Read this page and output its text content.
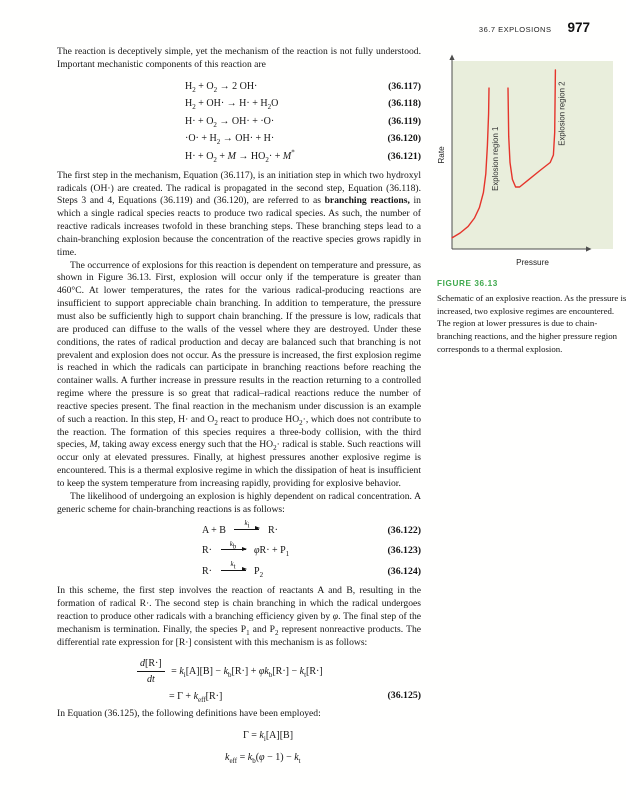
36.7 EXPLOSIONS 977

The reaction is deceptively simple, yet the mechanism of the reaction is not fully understood. Important mechanistic components of this reaction are

$H_2 + O_2 \to 2$ OH·	(36.117)
$H_2 + OH\cdot \to H\cdot + H_2O$	(36.118)
$H\cdot + O_2 \to OH\cdot + \cdot O\cdot$	(36.119)
$\cdot O\cdot + H_2 \to OH\cdot + H\cdot$	(36.120)
$H\cdot + O_2 + M \to HO_2\cdot + M^*$	(36.121)

The first step in the mechanism, Equation (36.117), is an initiation step in which two hydroxyl radicals (OH·) are created. The radical is propagated in the second step, Equation (36.118). Steps 3 and 4, Equations (36.119) and (36.120), are referred to as branching reactions, in which a single radical species reacts to produce two radical species. As such, the number of reactive radicals increases twofold in these branching steps. These branching steps lead to a chain-branching explosion because the concentration of the reactive species grows rapidly in time.

The occurrence of explosions for this reaction is dependent on temperature and pressure, as shown in Figure 36.13. First, explosion will occur only if the temperature is greater than 460°C. At lower temperatures, the rates for the various radical-producing reactions are insufficient to support appreciable chain branching. In addition to temperature, the pressure must also be sufficiently high to support chain branching. If the pressure is low, radicals that are produced can diffuse to the walls of the vessel where they are destroyed. Under these conditions, the rates of radical production and decay are balanced such that branching is not prevalent and explosion does not occur. As the pressure is increased, the first explosion regime is reached in which the radicals can participate in branching reactions before reaching the container walls. A further increase in pressure results in the reaction returning to a controlled regime where the pressure is so great that radical–radical reactions reduce the number of reactive species present. The final reaction in the mechanism under discussion is an example of such a reaction. In this step, H· and $O_2$ react to produce $HO_2\cdot$, which does not contribute to the reaction. The formation of this species requires a three-body collision, with the third species, M, taking away excess energy such that the $HO_2\cdot$ radical is stable. Such reactions will occur only at elevated pressures. Finally, at highest pressures another explosive regime is encountered. This is a thermal explosive regime in which the dissipation of heat is insufficient to keep the system temperature from increasing rapidly, providing for explosive behavior.

The likelihood of undergoing an explosion is highly dependent on radical concentration. A generic scheme for chain-branching reactions is as follows:

A + B
$k_i$ R·	(36.122)
R·
$k_b$ $\varphi R\cdot + P_1$	(36.123)
R·
$k_t$ $P_2$	(36.124)

In this scheme, the first step involves the reaction of reactants A and B, resulting in the formation of radical R·. The second step is chain branching in which the radical undergoes reaction to produce other radicals with a branching efficiency given by φ. The final step of the mechanism is termination. Finally, the species $P_1$ and $P_2$ represent nonreactive products. The differential rate expression for [R·] consistent with this mechanism is as follows:

$\frac{d[R\cdot]}{dt} = k_i[A][B] - k_b[R\cdot] + \varphi k_b[R\cdot] - k_t[R\cdot]$
= $\Gamma + k_{eff}[R\cdot]$	(36.125)

In Equation (36.125), the following definitions have been employed:

$\Gamma = k_i[A][B]$
$k_{eff} = k_b(\varphi - 1) - k_t$
Explosion region 1
Explosion region 2
Rate
Pressure
FIGURE 36.13
Schematic of an explosive reaction. As the pressure is increased, two explosive regimes are encountered. The region at lower pressures is due to chain-branching reactions, and the higher pressure region corresponds to a thermal explosion.
